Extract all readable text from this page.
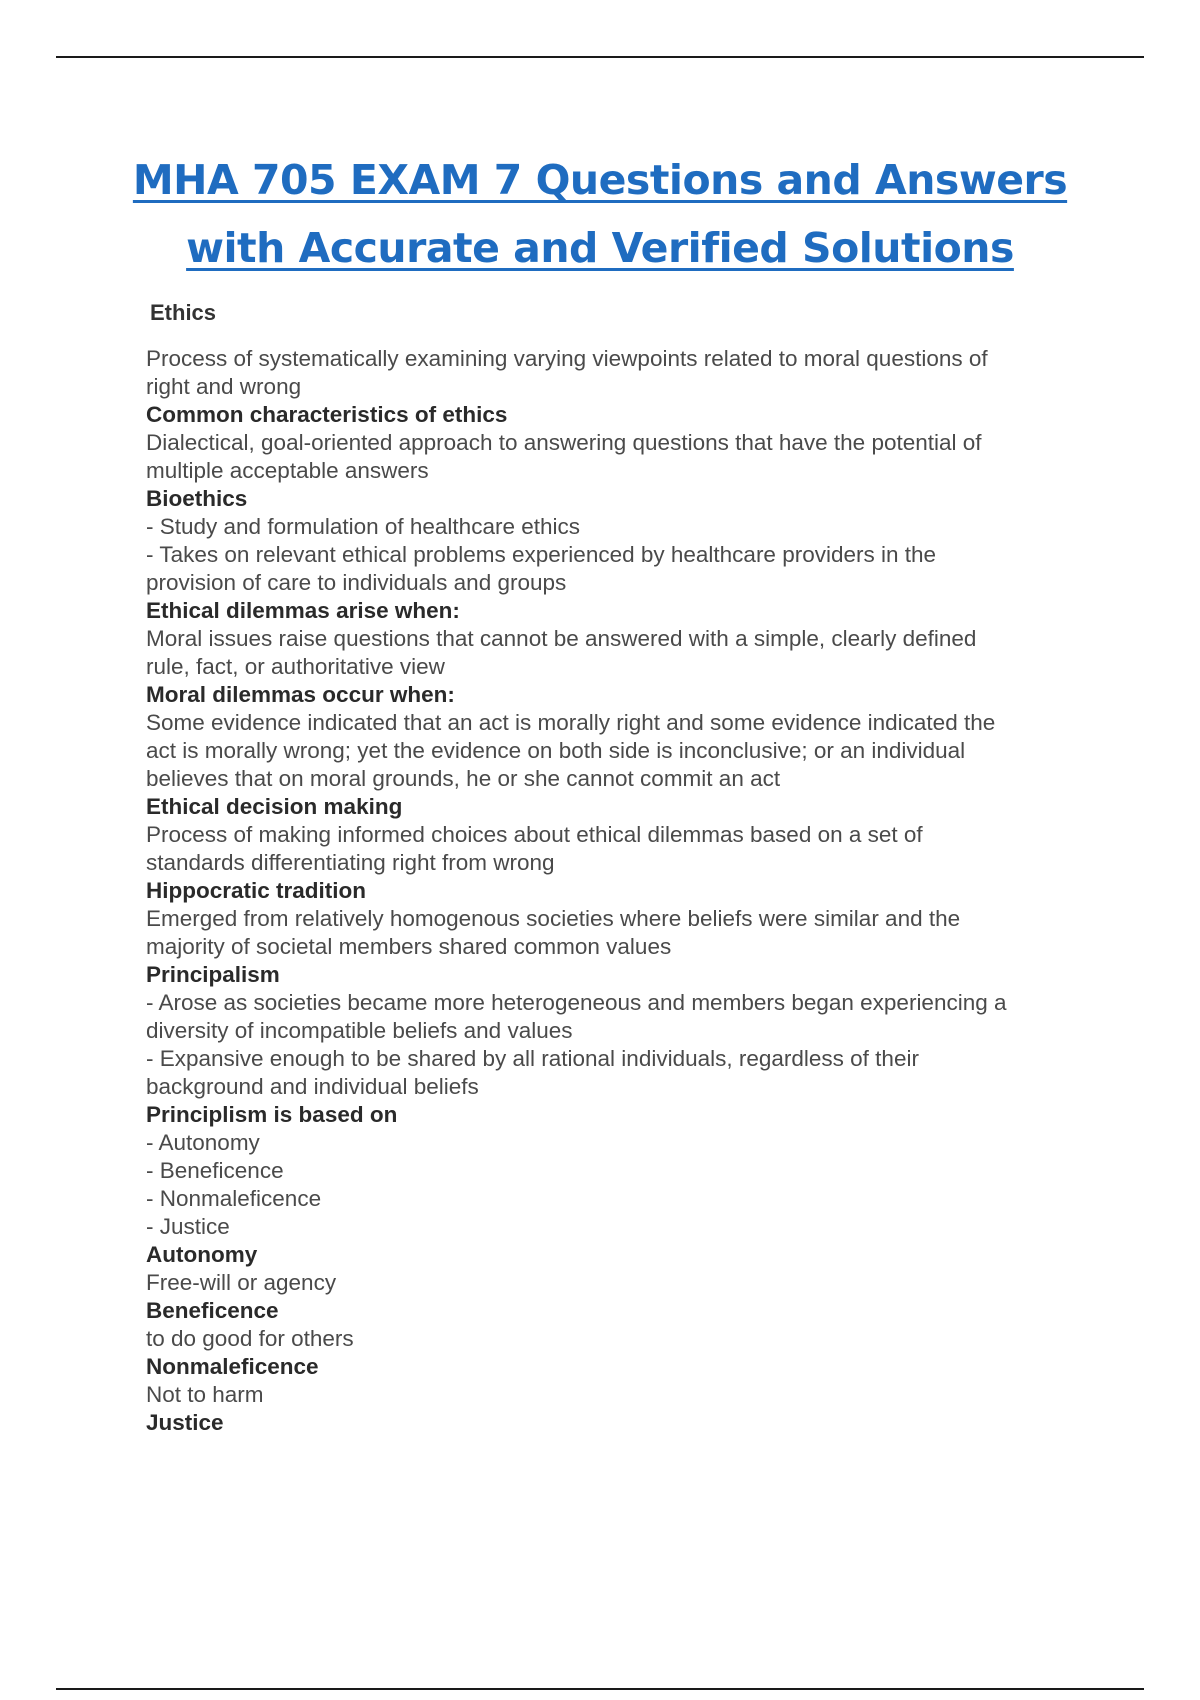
MHA 705 EXAM 7 Questions and Answers
with Accurate and Verified Solutions
Ethics
Process of systematically examining varying viewpoints related to moral questions of
right and wrong
Common characteristics of ethics
Dialectical, goal-oriented approach to answering questions that have the potential of
multiple acceptable answers
Bioethics
- Study and formulation of healthcare ethics
- Takes on relevant ethical problems experienced by healthcare providers in the
provision of care to individuals and groups
Ethical dilemmas arise when:
Moral issues raise questions that cannot be answered with a simple, clearly defined
rule, fact, or authoritative view
Moral dilemmas occur when:
Some evidence indicated that an act is morally right and some evidence indicated the
act is morally wrong; yet the evidence on both side is inconclusive; or an individual
believes that on moral grounds, he or she cannot commit an act
Ethical decision making
Process of making informed choices about ethical dilemmas based on a set of
standards differentiating right from wrong
Hippocratic tradition
Emerged from relatively homogenous societies where beliefs were similar and the
majority of societal members shared common values
Principalism
- Arose as societies became more heterogeneous and members began experiencing a
diversity of incompatible beliefs and values
- Expansive enough to be shared by all rational individuals, regardless of their
background and individual beliefs
Principlism is based on
- Autonomy
- Beneficence
- Nonmaleficence
- Justice
Autonomy
Free-will or agency
Beneficence
to do good for others
Nonmaleficence
Not to harm
Justice
